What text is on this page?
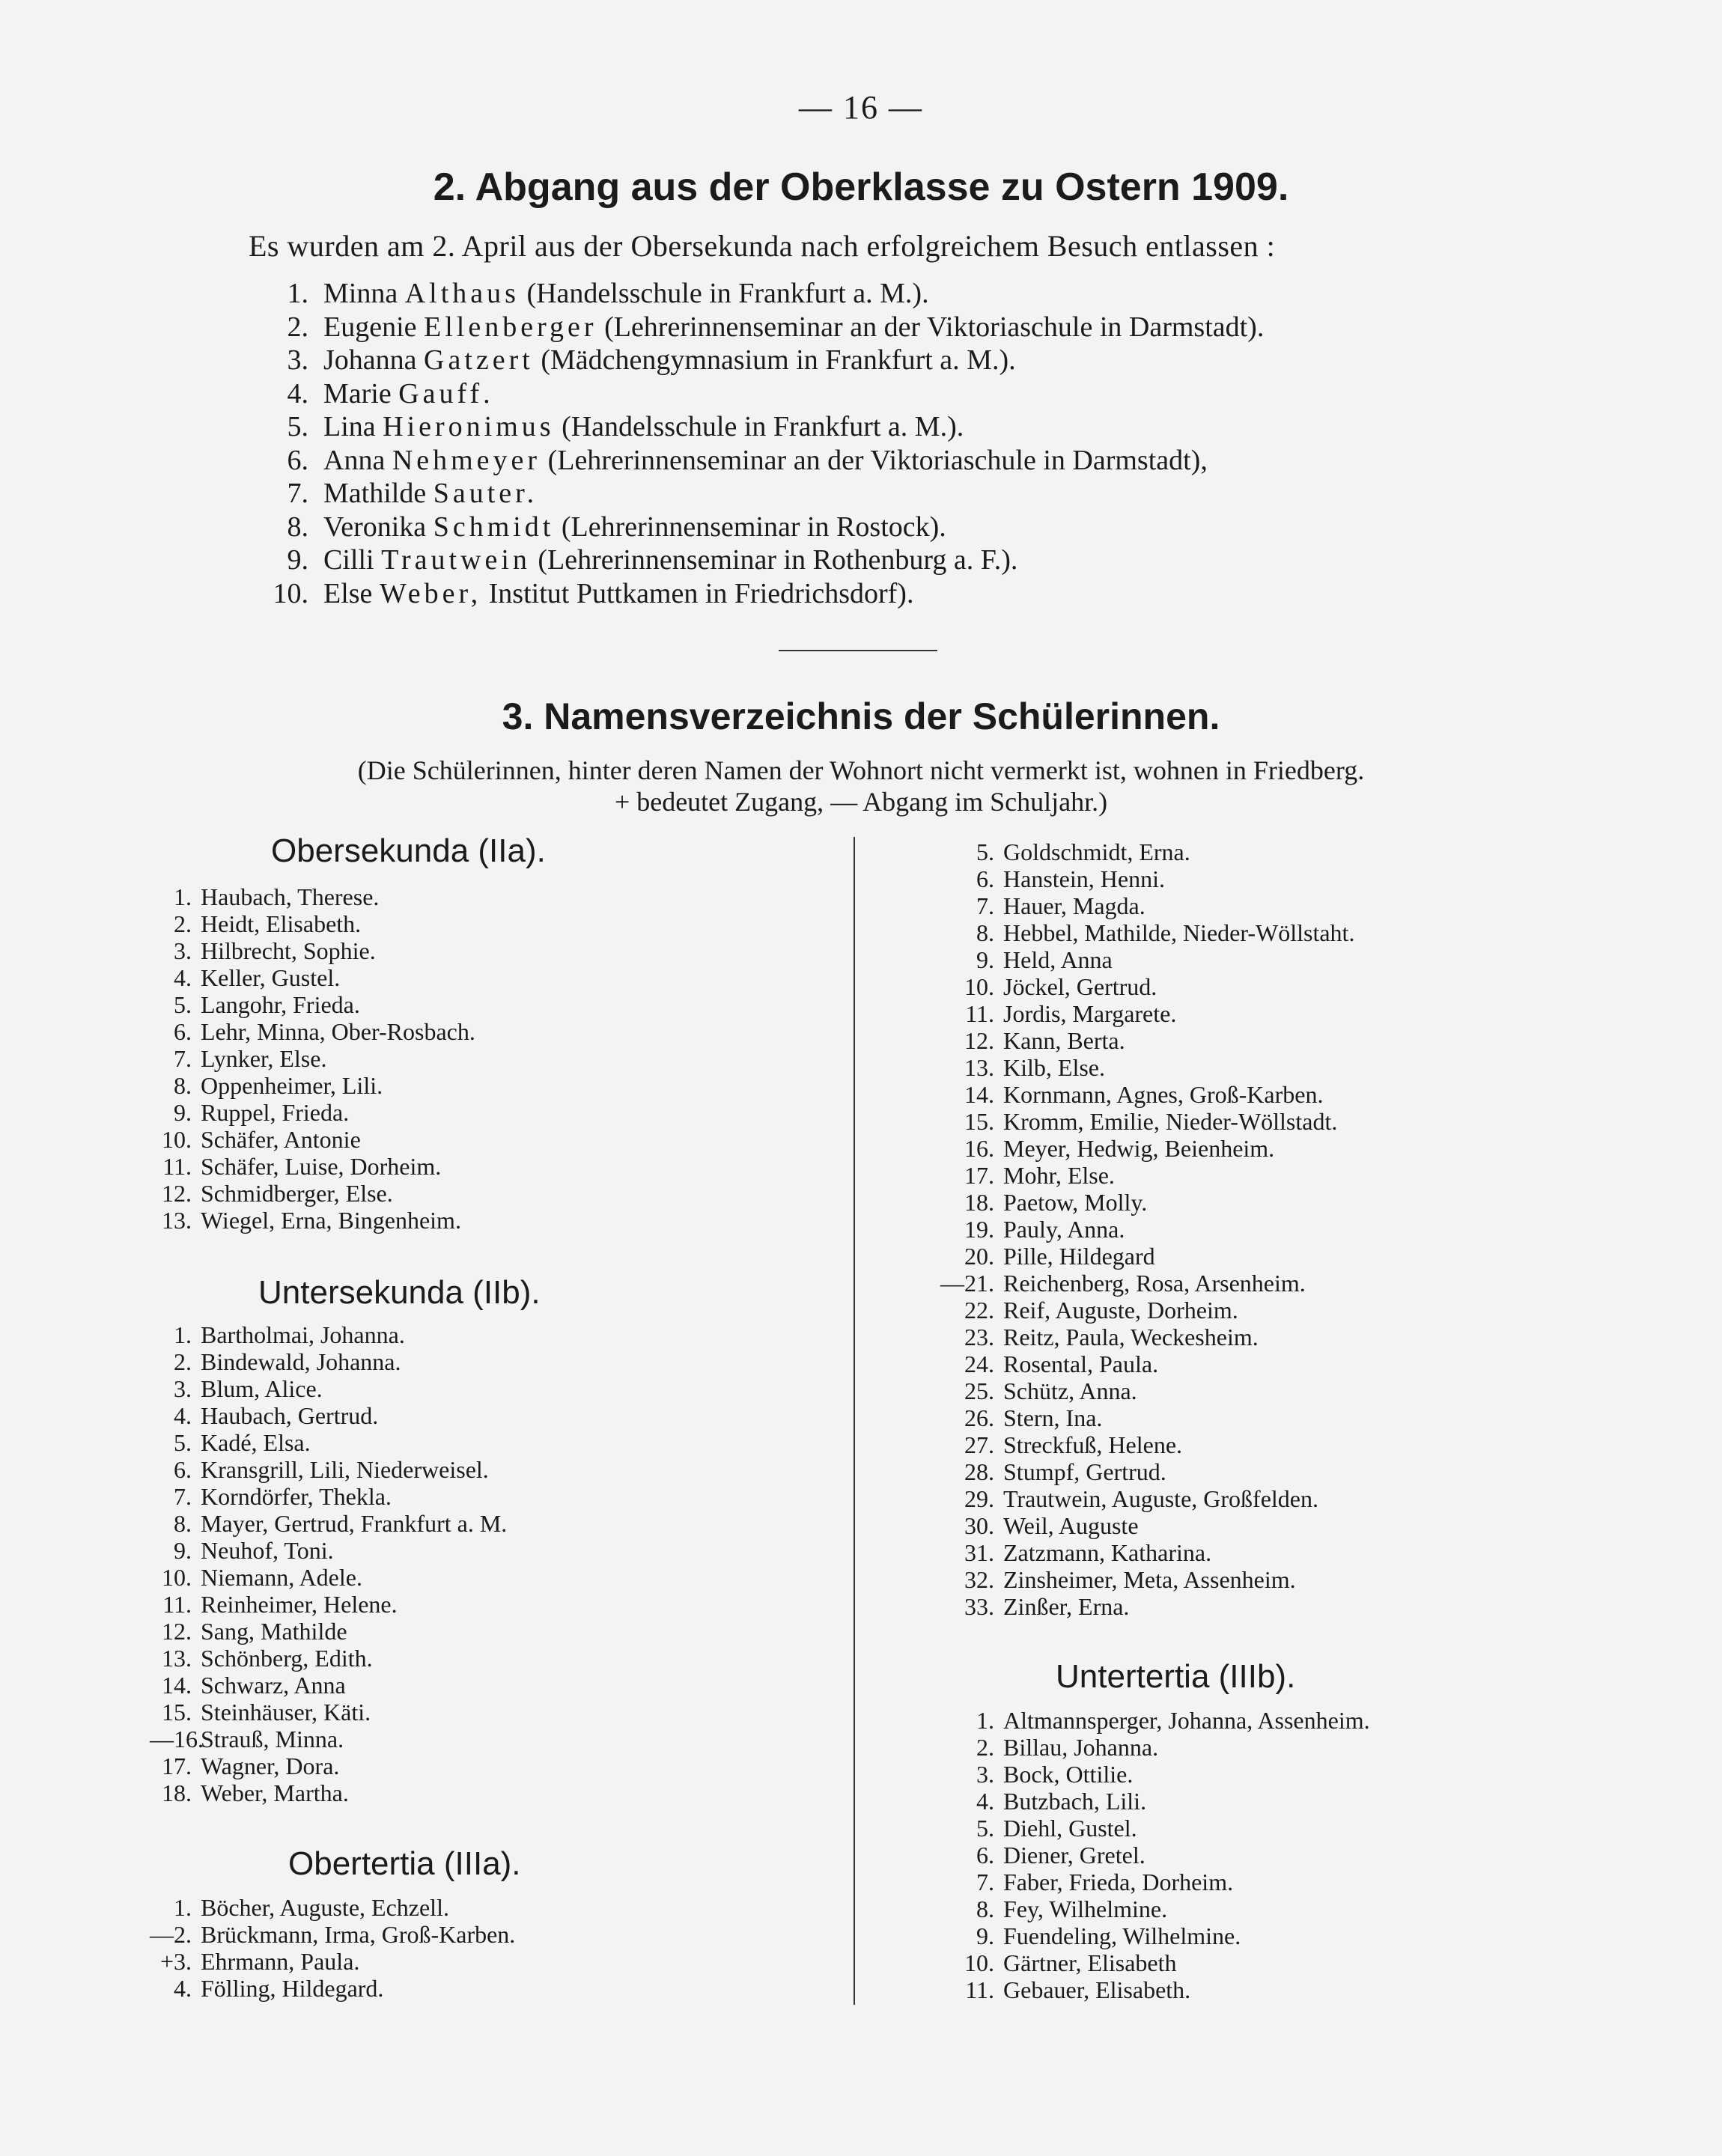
— 16 —
2. Abgang aus der Oberklasse zu Ostern 1909.
Es wurden am 2. April aus der Obersekunda nach erfolgreichem Besuch entlassen :
1. Minna
Althaus
(Handelsschule in Frankfurt a. M.).
2. Eugenie
Ellenberger
(Lehrerinnenseminar an der Viktoriaschule in Darmstadt).
3. Johanna
Gatzert
(Mädchengymnasium in Frankfurt a. M.).
4. Marie
Gauff.

5. Lina
Hieronimus
(Handelsschule in Frankfurt a. M.).
6. Anna
Nehmeyer
(Lehrerinnenseminar an der Viktoriaschule in Darmstadt),
7. Mathilde
Sauter.

8. Veronika
Schmidt
(Lehrerinnenseminar in Rostock).
9. Cilli
Trautwein
(Lehrerinnenseminar in Rothenburg a. F.).
10. Else
Weber,
Institut Puttkamen in Friedrichsdorf).
3. Namensverzeichnis der Schülerinnen.
(Die Schülerinnen, hinter deren Namen der Wohnort nicht vermerkt ist, wohnen in Friedberg.
+ bedeutet Zugang, — Abgang im Schuljahr.)
Obersekunda (IIa).
1. Haubach, Therese.
2. Heidt, Elisabeth.
3. Hilbrecht, Sophie.
4. Keller, Gustel.
5. Langohr, Frieda.
6. Lehr, Minna, Ober-Rosbach.
7. Lynker, Else.
8. Oppenheimer, Lili.
9. Ruppel, Frieda.
10. Schäfer, Antonie
11. Schäfer, Luise, Dorheim.
12. Schmidberger, Else.
13. Wiegel, Erna, Bingenheim.
Untersekunda (IIb).
1. Bartholmai, Johanna.
2. Bindewald, Johanna.
3. Blum, Alice.
4. Haubach, Gertrud.
5. Kadé, Elsa.
6. Kransgrill, Lili, Niederweisel.
7. Korndörfer, Thekla.
8. Mayer, Gertrud, Frankfurt a. M.
9. Neuhof, Toni.
10. Niemann, Adele.
11. Reinheimer, Helene.
12. Sang, Mathilde
13. Schönberg, Edith.
14. Schwarz, Anna
15. Steinhäuser, Käti.
—16.
Strauß, Minna.
17. Wagner, Dora.
18. Weber, Martha.
Obertertia (IIIa).
1. Böcher, Auguste, Echzell.
—2. Brückmann, Irma, Groß-Karben.
+3. Ehrmann, Paula.
4. Fölling, Hildegard.
5. Goldschmidt, Erna.
6. Hanstein, Henni.
7. Hauer, Magda.
8. Hebbel, Mathilde, Nieder-Wöllstaht.
9. Held, Anna
10. Jöckel, Gertrud.
11. Jordis, Margarete.
12. Kann, Berta.
13. Kilb, Else.
14. Kornmann, Agnes, Groß-Karben.
15. Kromm, Emilie, Nieder-Wöllstadt.
16. Meyer, Hedwig, Beienheim.
17. Mohr, Else.
18. Paetow, Molly.
19. Pauly, Anna.
20. Pille, Hildegard
—21. Reichenberg, Rosa, Arsenheim.
22. Reif, Auguste, Dorheim.
23. Reitz, Paula, Weckesheim.
24. Rosental, Paula.
25. Schütz, Anna.
26. Stern, Ina.
27. Streckfuß, Helene.
28. Stumpf, Gertrud.
29. Trautwein, Auguste, Großfelden.
30. Weil, Auguste
31. Zatzmann, Katharina.
32. Zinsheimer, Meta, Assenheim.
33. Zinßer, Erna.
Untertertia (IIIb).
1. Altmannsperger, Johanna, Assenheim.
2. Billau, Johanna.
3. Bock, Ottilie.
4. Butzbach, Lili.
5. Diehl, Gustel.
6. Diener, Gretel.
7. Faber, Frieda, Dorheim.
8. Fey, Wilhelmine.
9. Fuendeling, Wilhelmine.
10. Gärtner, Elisabeth
11. Gebauer, Elisabeth.
